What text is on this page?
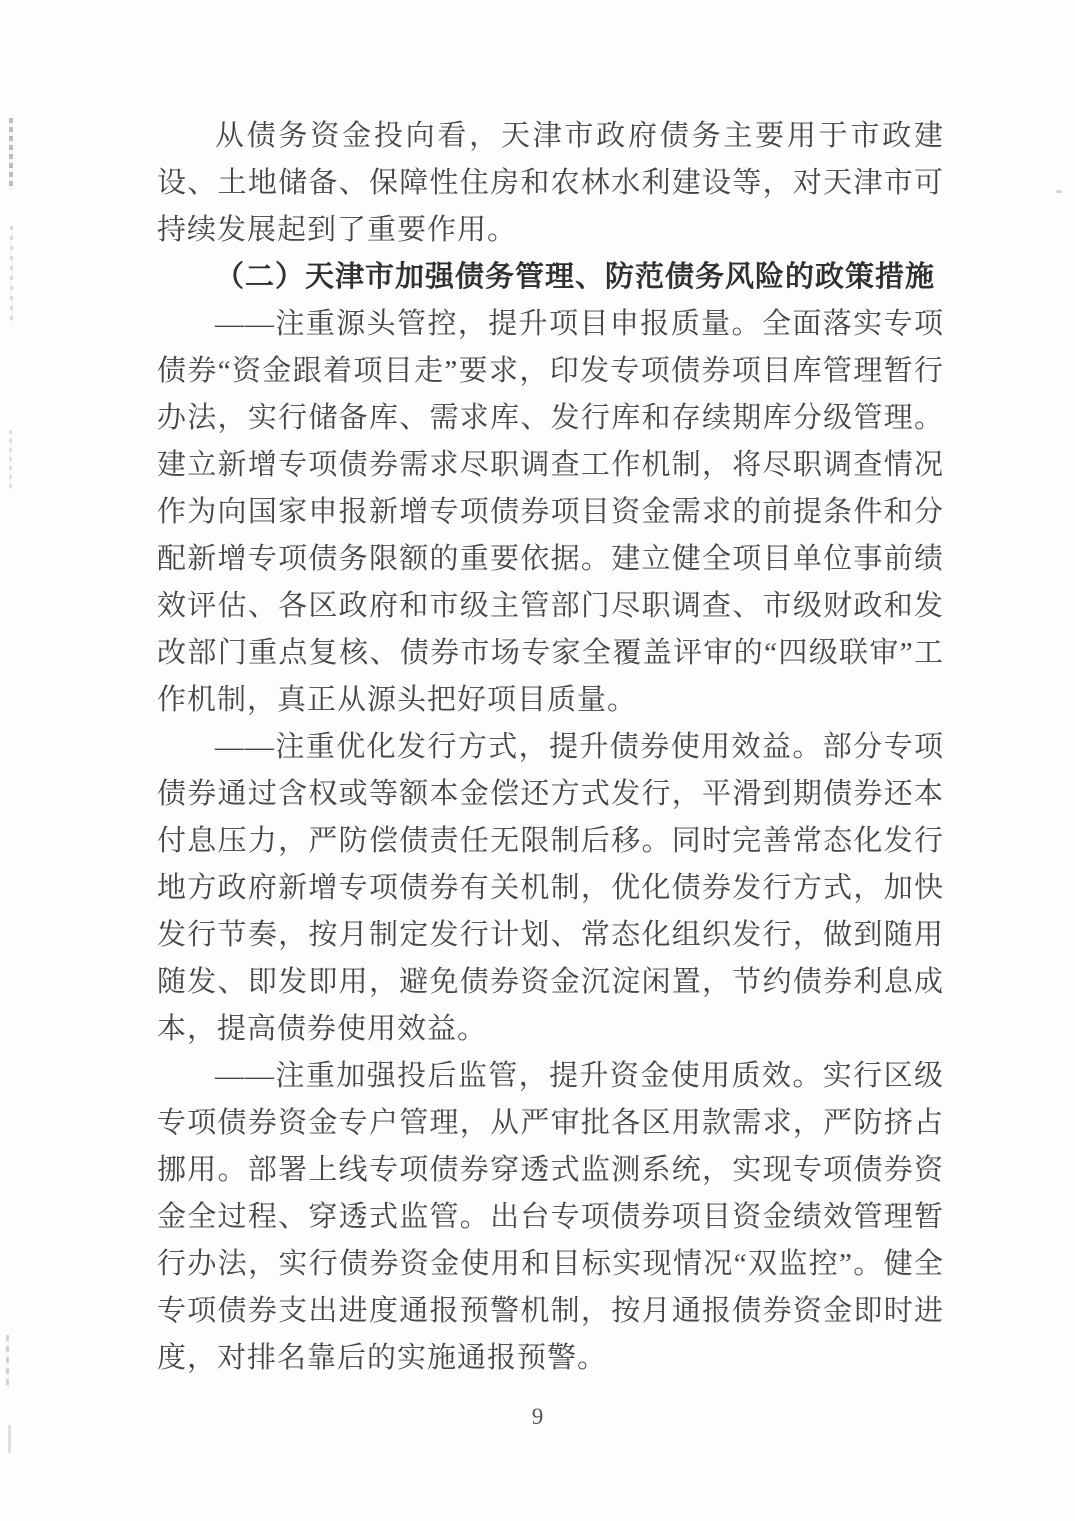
从债务资金投向看，天津市政府债务主要用于市政建设、土地储备、保障性住房和农林水利建设等，对天津市可持续发展起到了重要作用。

（二）天津市加强债务管理、防范债务风险的政策措施

——注重源头管控，提升项目申报质量。全面落实专项债券“资金跟着项目走”要求，印发专项债券项目库管理暂行办法，实行储备库、需求库、发行库和存续期库分级管理。建立新增专项债券需求尽职调查工作机制，将尽职调查情况作为向国家申报新增专项债券项目资金需求的前提条件和分配新增专项债务限额的重要依据。建立健全项目单位事前绩效评估、各区政府和市级主管部门尽职调查、市级财政和发改部门重点复核、债券市场专家全覆盖评审的“四级联审”工作机制，真正从源头把好项目质量。

——注重优化发行方式，提升债券使用效益。部分专项债券通过含权或等额本金偿还方式发行，平滑到期债券还本付息压力，严防偿债责任无限制后移。同时完善常态化发行地方政府新增专项债券有关机制，优化债券发行方式，加快发行节奏，按月制定发行计划、常态化组织发行，做到随用随发、即发即用，避免债券资金沉淀闲置，节约债券利息成本，提高债券使用效益。

——注重加强投后监管，提升资金使用质效。实行区级专项债券资金专户管理，从严审批各区用款需求，严防挤占挪用。部署上线专项债券穿透式监测系统，实现专项债券资金全过程、穿透式监管。出台专项债券项目资金绩效管理暂行办法，实行债券资金使用和目标实现情况“双监控”。健全专项债券支出进度通报预警机制，按月通报债券资金即时进度，对排名靠后的实施通报预警。

9
